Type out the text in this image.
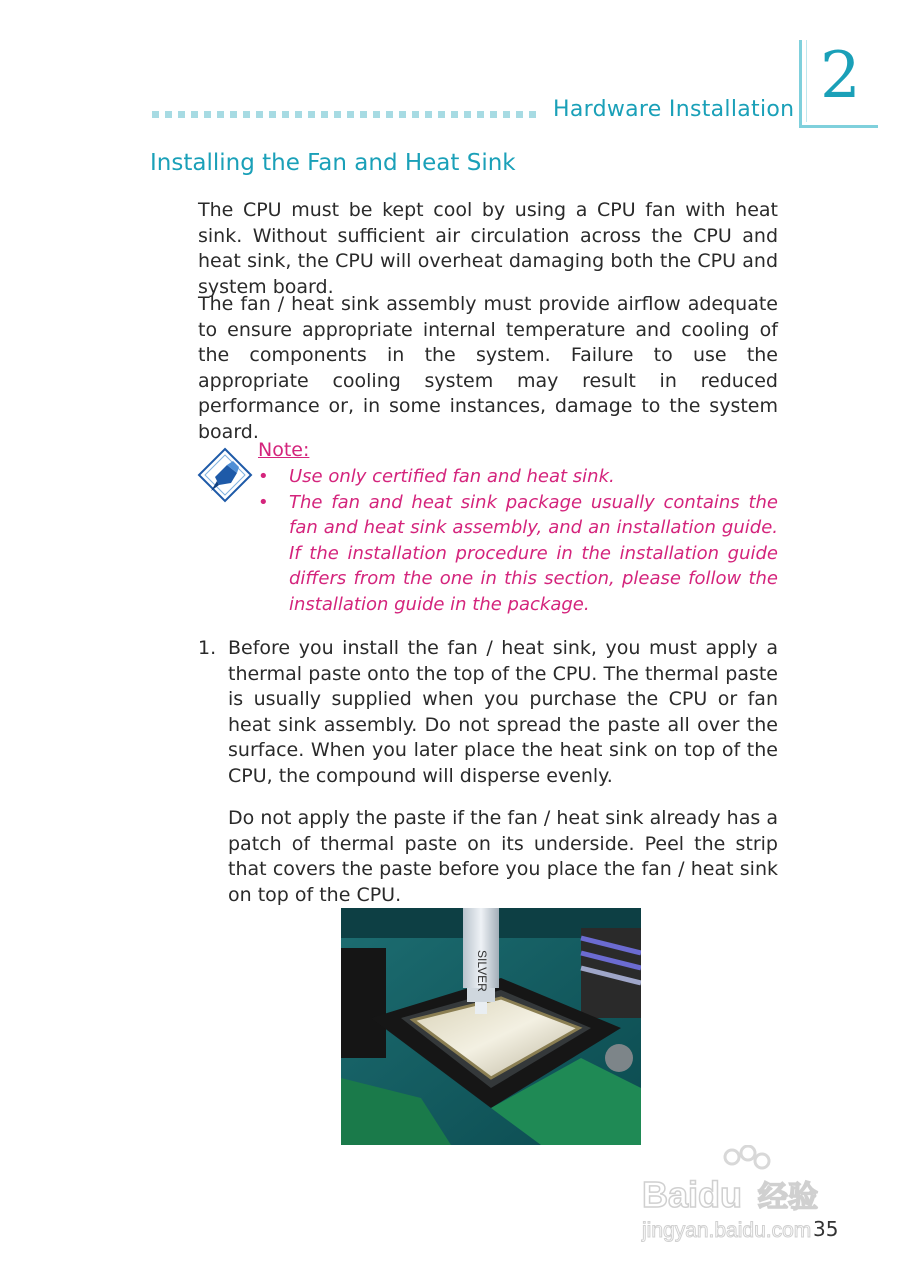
Hardware Installation 2
Installing the Fan and Heat Sink
The CPU must be kept cool by using a CPU fan with heat sink. Without sufficient air circulation across the CPU and heat sink, the CPU will overheat damaging both the CPU and system board.
The fan / heat sink assembly must provide airflow adequate to ensure appropriate internal temperature and cooling of the components in the system. Failure to use the appropriate cooling system may result in reduced performance or, in some instances, damage to the system board.
Note:
• Use only certified fan and heat sink.
• The fan and heat sink package usually contains the fan and heat sink assembly, and an installation guide. If the installation procedure in the installation guide differs from the one in this section, please follow the installation guide in the package.
1. Before you install the fan / heat sink, you must apply a thermal paste onto the top of the CPU. The thermal paste is usually supplied when you purchase the CPU or fan heat sink assembly. Do not spread the paste all over the surface. When you later place the heat sink on top of the CPU, the compound will disperse evenly.
Do not apply the paste if the fan / heat sink already has a patch of thermal paste on its underside. Peel the strip that covers the paste before you place the fan / heat sink on top of the CPU.
SILVER
Baidu 经验
jingyan.baidu.com 35
